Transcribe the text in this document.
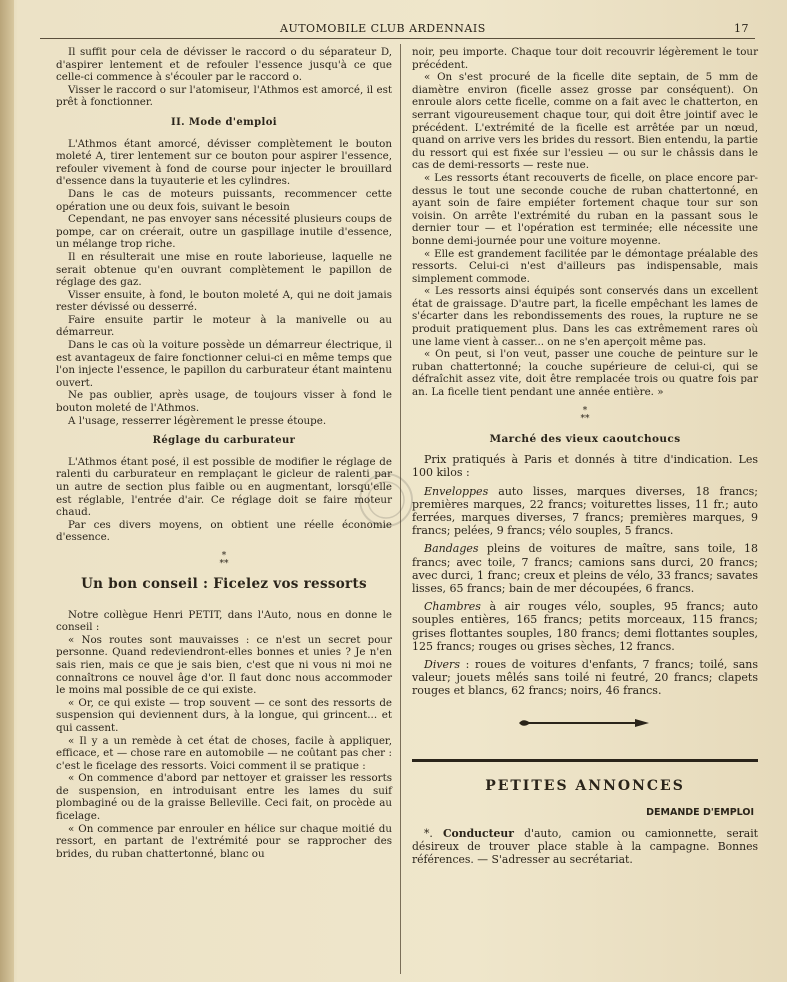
AUTOMOBILE CLUB ARDENNAIS	17

Il suffit pour cela de dévisser le raccord o du séparateur D, d'aspirer lentement et de refouler l'essence jusqu'à ce que celle-ci commence à s'écouler par le raccord o.

Visser le raccord o sur l'atomiseur, l'Athmos est amorcé, il est prêt à fonctionner.

II. Mode d'emploi

L'Athmos étant amorcé, dévisser complètement le bouton moleté A, tirer lentement sur ce bouton pour aspirer l'essence, refouler vivement à fond de course pour injecter le brouillard d'essence dans la tuyauterie et les cylindres.

Dans le cas de moteurs puissants, recommencer cette opération une ou deux fois, suivant le besoin

Cependant, ne pas envoyer sans nécessité plusieurs coups de pompe, car on créerait, outre un gaspillage inutile d'essence, un mélange trop riche.

Il en résulterait une mise en route laborieuse, laquelle ne serait obtenue qu'en ouvrant complètement le papillon de réglage des gaz.

Visser ensuite, à fond, le bouton moleté A, qui ne doit jamais rester dévissé ou desserré.

Faire ensuite partir le moteur à la manivelle ou au démarreur.

Dans le cas où la voiture possède un démarreur électrique, il est avantageux de faire fonctionner celui-ci en même temps que l'on injecte l'essence, le papillon du carburateur étant maintenu ouvert.

Ne pas oublier, après usage, de toujours visser à fond le bouton moleté de l'Athmos.

A l'usage, resserrer légèrement le presse étoupe.

Réglage du carburateur

L'Athmos étant posé, il est possible de modifier le réglage de ralenti du carburateur en remplaçant le gicleur de ralenti par un autre de section plus faible ou en augmentant, lorsqu'elle est réglable, l'entrée d'air. Ce réglage doit se faire moteur chaud.

Par ces divers moyens, on obtient une réelle économie d'essence.

*
**
Un bon conseil : Ficelez vos ressorts

Notre collègue Henri PETIT, dans l'Auto, nous en donne le conseil :

« Nos routes sont mauvaisses : ce n'est un secret pour personne. Quand redeviendront-elles bonnes et unies ? Je n'en sais rien, mais ce que je sais bien, c'est que ni vous ni moi ne connaîtrons ce nouvel âge d'or. Il faut donc nous accommoder le moins mal possible de ce qui existe.

« Or, ce qui existe — trop souvent — ce sont des ressorts de suspension qui deviennent durs, à la longue, qui grincent... et qui cassent.

« Il y a un remède à cet état de choses, facile à appliquer, efficace, et — chose rare en automobile — ne coûtant pas cher : c'est le ficelage des ressorts. Voici comment il se pratique :

« On commence d'abord par nettoyer et graisser les ressorts de suspension, en introduisant entre les lames du suif plombaginé ou de la graisse Belleville. Ceci fait, on procède au ficelage.

« On commence par enrouler en hélice sur chaque moitié du ressort, en partant de l'extrémité pour se rapprocher des brides, du ruban chattertonné, blanc ou

noir, peu importe. Chaque tour doit recouvrir légèrement le tour précédent.

« On s'est procuré de la ficelle dite septain, de 5 mm de diamètre environ (ficelle assez grosse par conséquent). On enroule alors cette ficelle, comme on a fait avec le chatterton, en serrant vigoureusement chaque tour, qui doit être jointif avec le précédent. L'extrémité de la ficelle est arrêtée par un nœud, quand on arrive vers les brides du ressort. Bien entendu, la partie du ressort qui est fixée sur l'essieu — ou sur le châssis dans le cas de demi-ressorts — reste nue.

« Les ressorts étant recouverts de ficelle, on place encore par-dessus le tout une seconde couche de ruban chattertonné, en ayant soin de faire empiéter fortement chaque tour sur son voisin. On arrête l'extrémité du ruban en la passant sous le dernier tour — et l'opération est terminée; elle nécessite une bonne demi-journée pour une voiture moyenne.

« Elle est grandement facilitée par le démontage préalable des ressorts. Celui-ci n'est d'ailleurs pas indispensable, mais simplement commode.

« Les ressorts ainsi équipés sont conservés dans un excellent état de graissage. D'autre part, la ficelle empêchant les lames de s'écarter dans les rebondissements des roues, la rupture ne se produit pratiquement plus. Dans les cas extrêmement rares où une lame vient à casser... on ne s'en aperçoit même pas.

« On peut, si l'on veut, passer une couche de peinture sur le ruban chattertonné; la couche supérieure de celui-ci, qui se défraîchit assez vite, doit être remplacée trois ou quatre fois par an. La ficelle tient pendant une année entière. »

*
**
Marché des vieux caoutchoucs

Prix pratiqués à Paris et donnés à titre d'indication. Les 100 kilos :

Enveloppes auto lisses, marques diverses, 18 francs; premières marques, 22 francs; voiturettes lisses, 11 fr.; auto ferrées, marques diverses, 7 francs; premières marques, 9 francs; pelées, 9 francs; vélo souples, 5 francs.

Bandages pleins de voitures de maître, sans toile, 18 francs; avec toile, 7 francs; camions sans durci, 20 francs; avec durci, 1 franc; creux et pleins de vélo, 33 francs; savates lisses, 65 francs; bain de mer découpées, 6 francs.

Chambres à air rouges vélo, souples, 95 francs; auto souples entières, 165 francs; petits morceaux, 115 francs; grises flottantes souples, 180 francs; demi flottantes souples, 125 francs; rouges ou grises sèches, 12 francs.

Divers : roues de voitures d'enfants, 7 francs; toilé, sans valeur; jouets mêlés sans toilé ni feutré, 20 francs; clapets rouges et blancs, 62 francs; noirs, 46 francs.

PETITES ANNONCES
DEMANDE D'EMPLOI

*. Conducteur d'auto, camion ou camionnette, serait désireux de trouver place stable à la campagne. Bonnes références. — S'adresser au secrétariat.
